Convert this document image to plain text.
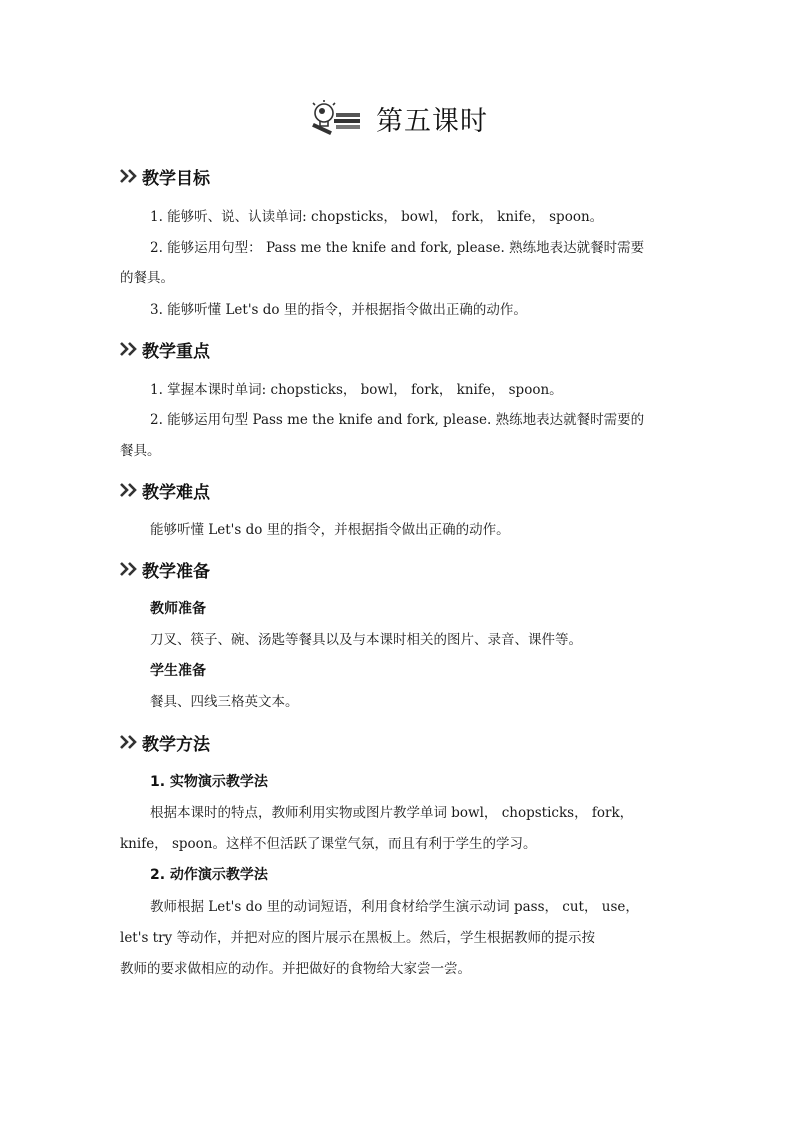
第五课时
教学目标
1. 能够听、说、认读单词: chopsticks， bowl， fork， knife， spoon。
2. 能够运用句型： Pass me the knife and fork, please. 熟练地表达就餐时需要
的餐具。
3. 能够听懂 Let's do 里的指令，并根据指令做出正确的动作。
教学重点
1. 掌握本课时单词: chopsticks， bowl， fork， knife， spoon。
2. 能够运用句型 Pass me the knife and fork, please. 熟练地表达就餐时需要的
餐具。
教学难点
能够听懂 Let's do 里的指令，并根据指令做出正确的动作。
教学准备
教师准备
刀叉、筷子、碗、汤匙等餐具以及与本课时相关的图片、录音、课件等。
学生准备
餐具、四线三格英文本。
教学方法
1. 实物演示教学法
根据本课时的特点，教师利用实物或图片教学单词 bowl， chopsticks， fork，
knife， spoon。这样不但活跃了课堂气氛，而且有利于学生的学习。
2. 动作演示教学法
教师根据 Let's do 里的动词短语，利用食材给学生演示动词 pass， cut， use，
let's try 等动作，并把对应的图片展示在黑板上。然后，学生根据教师的提示按
教师的要求做相应的动作。并把做好的食物给大家尝一尝。
